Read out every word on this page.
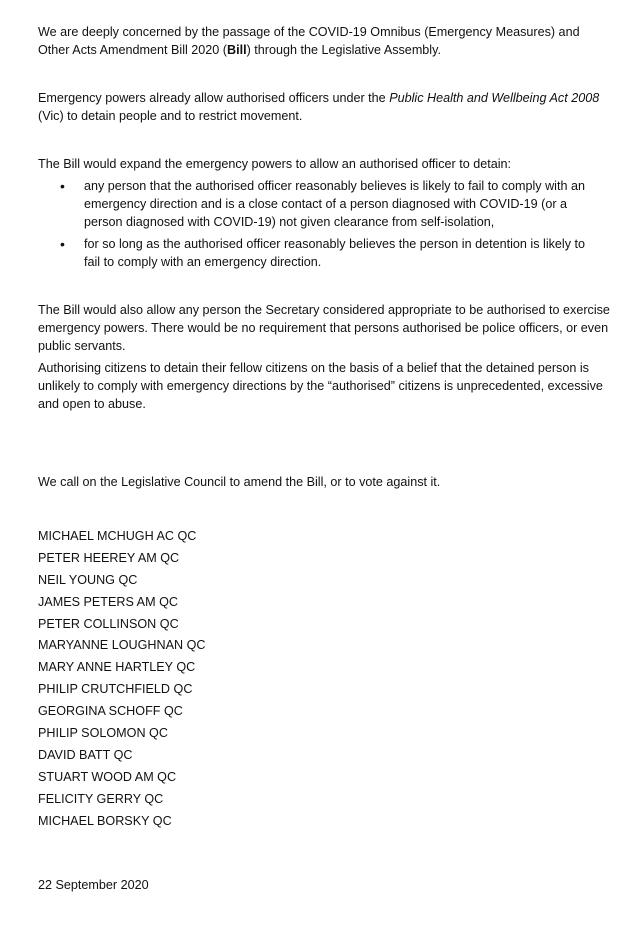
We are deeply concerned by the passage of the COVID-19 Omnibus (Emergency Measures) and Other Acts Amendment Bill 2020 (Bill) through the Legislative Assembly.

Emergency powers already allow authorised officers under the Public Health and Wellbeing Act 2008 (Vic) to detain people and to restrict movement.

The Bill would expand the emergency powers to allow an authorised officer to detain:

• any person that the authorised officer reasonably believes is likely to fail to comply with an emergency direction and is a close contact of a person diagnosed with COVID-19 (or a person diagnosed with COVID-19) not given clearance from self-isolation,
• for so long as the authorised officer reasonably believes the person in detention is likely to fail to comply with an emergency direction.

The Bill would also allow any person the Secretary considered appropriate to be authorised to exercise emergency powers. There would be no requirement that persons authorised be police officers, or even public servants.

Authorising citizens to detain their fellow citizens on the basis of a belief that the detained person is unlikely to comply with emergency directions by the “authorised” citizens is unprecedented, excessive and open to abuse.

We call on the Legislative Council to amend the Bill, or to vote against it.

MICHAEL MCHUGH AC QC
PETER HEEREY AM QC
NEIL YOUNG QC
JAMES PETERS AM QC
PETER COLLINSON QC
MARYANNE LOUGHNAN QC
MARY ANNE HARTLEY QC
PHILIP CRUTCHFIELD QC
GEORGINA SCHOFF QC
PHILIP SOLOMON QC
DAVID BATT QC
STUART WOOD AM QC
FELICITY GERRY QC
MICHAEL BORSKY QC

22 September 2020
